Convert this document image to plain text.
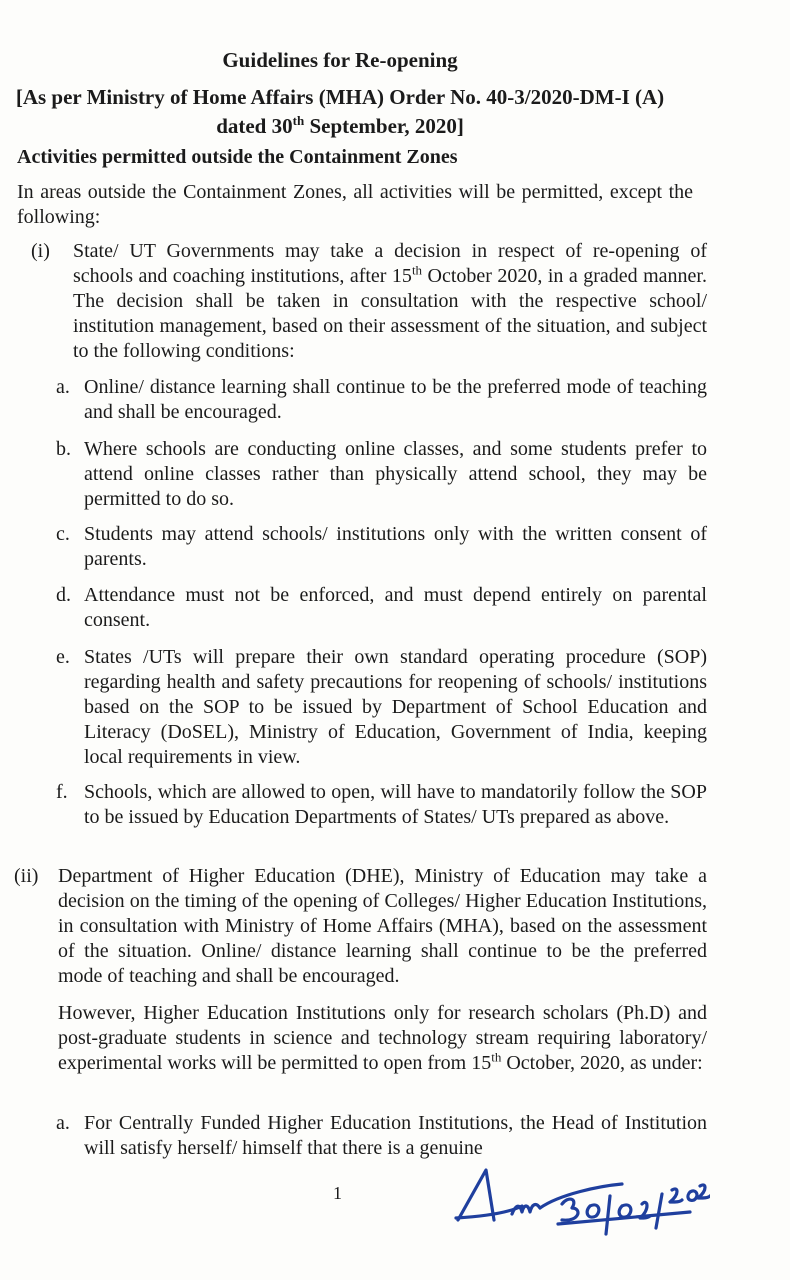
Guidelines for Re-opening
[As per Ministry of Home Affairs (MHA) Order No. 40-3/2020-DM-I (A)
dated 30th September, 2020]
Activities permitted outside the Containment Zones
In areas outside the Containment Zones, all activities will be permitted, except the following:
(i) State/ UT Governments may take a decision in respect of re-opening of schools and coaching institutions, after 15th October 2020, in a graded manner. The decision shall be taken in consultation with the respective school/ institution management, based on their assessment of the situation, and subject to the following conditions:
a. Online/ distance learning shall continue to be the preferred mode of teaching and shall be encouraged.
b. Where schools are conducting online classes, and some students prefer to attend online classes rather than physically attend school, they may be permitted to do so.
c. Students may attend schools/ institutions only with the written consent of parents.
d. Attendance must not be enforced, and must depend entirely on parental consent.
e. States /UTs will prepare their own standard operating procedure (SOP) regarding health and safety precautions for reopening of schools/ institutions based on the SOP to be issued by Department of School Education and Literacy (DoSEL), Ministry of Education, Government of India, keeping local requirements in view.
f. Schools, which are allowed to open, will have to mandatorily follow the SOP to be issued by Education Departments of States/ UTs prepared as above.
(ii) Department of Higher Education (DHE), Ministry of Education may take a decision on the timing of the opening of Colleges/ Higher Education Institutions, in consultation with Ministry of Home Affairs (MHA), based on the assessment of the situation. Online/ distance learning shall continue to be the preferred mode of teaching and shall be encouraged.
However, Higher Education Institutions only for research scholars (Ph.D) and post-graduate students in science and technology stream requiring laboratory/ experimental works will be permitted to open from 15th October, 2020, as under:
a. For Centrally Funded Higher Education Institutions, the Head of Institution will satisfy herself/ himself that there is a genuine
1
